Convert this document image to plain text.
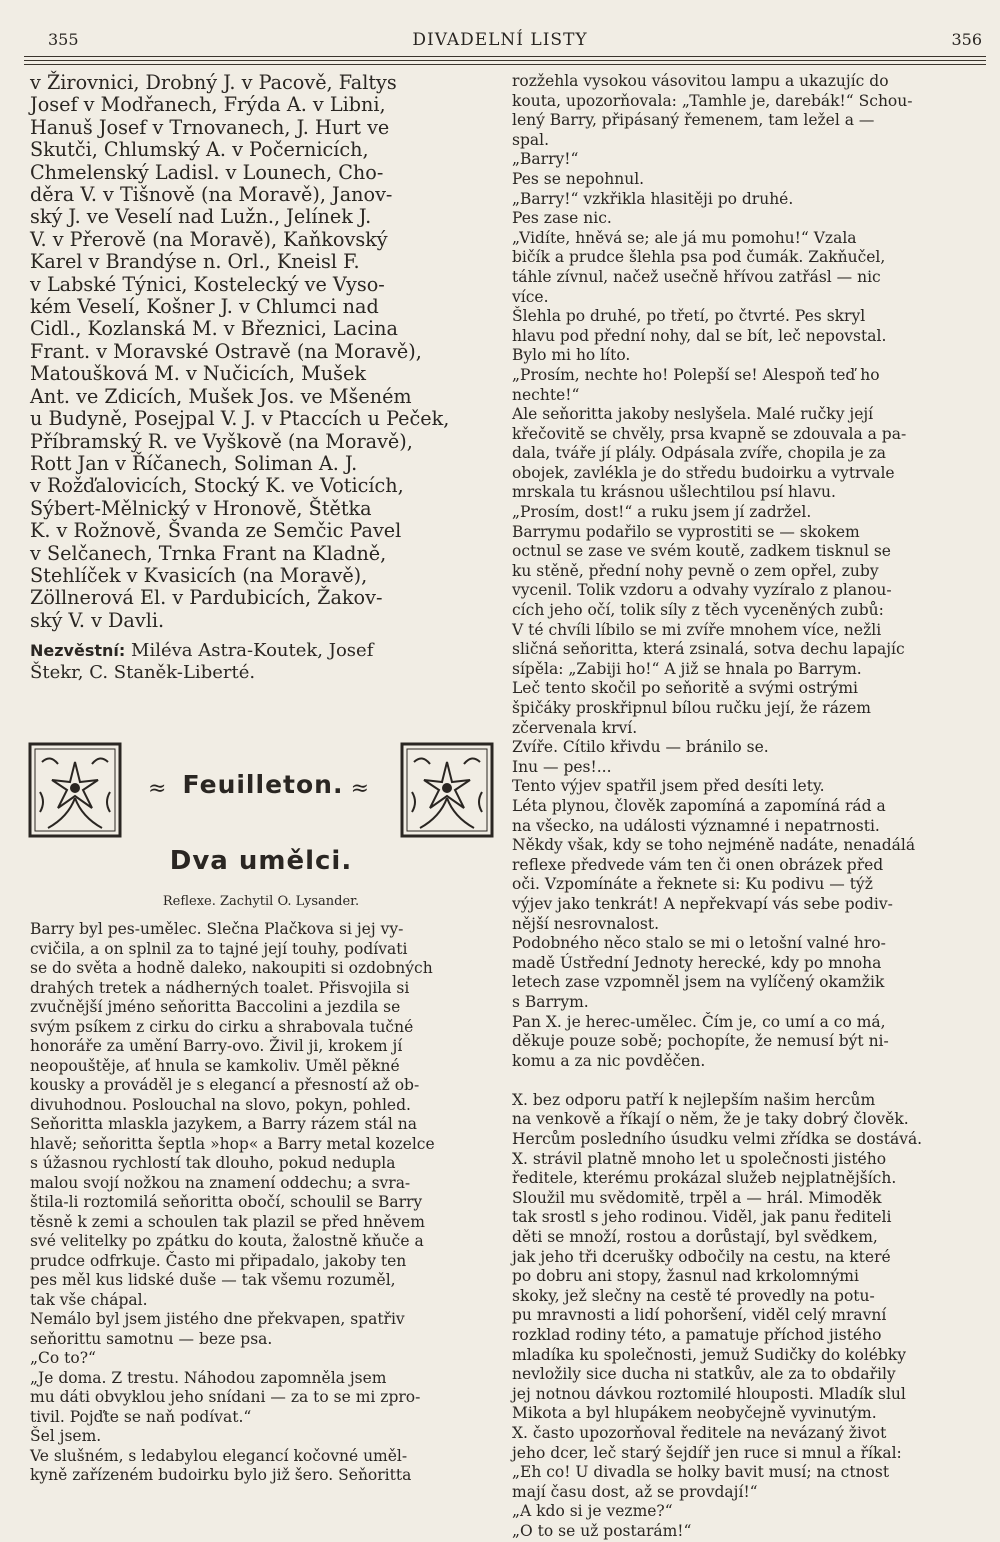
355	DIVADELNÍ LISTY	356
v Žirovnici, Drobný J. v Pacově, Faltys
Josef v Modřanech, Frýda A. v Libni,
Hanuš Josef v Trnovanech, J. Hurt ve
Skutči, Chlumský A. v Počernicích,
Chmelenský Ladisl. v Lounech, Cho-
děra V. v Tišnově (na Moravě), Janov-
ský J. ve Veselí nad Lužn., Jelínek J.
V. v Přerově (na Moravě), Kaňkovský
Karel v Brandýse n. Orl., Kneisl F.
v Labské Týnici, Kostelecký ve Vyso-
kém Veselí, Košner J. v Chlumci nad
Cidl., Kozlanská M. v Březnici, Lacina
Frant. v Moravské Ostravě (na Moravě),
Matoušková M. v Nučicích, Mušek
Ant. ve Zdicích, Mušek Jos. ve Mšeném
u Budyně, Posejpal V. J. v Ptaccích u Peček,
Příbramský R. ve Vyškově (na Moravě),
Rott Jan v Říčanech, Soliman A. J.
v Rožďalovicích, Stocký K. ve Voticích,
Sýbert-Mělnický v Hronově, Štětka
K. v Rožnově, Švanda ze Semčic Pavel
v Selčanech, Trnka Frant na Kladně,
Stehlíček v Kvasicích (na Moravě),
Zöllnerová El. v Pardubicích, Žakov-
ský V. v Davli.
Nezvěstní: Miléva Astra-Koutek, Josef
Štekr, C. Staněk-Liberté.
≈ Feuilleton. ≈
Dva umělci.
Reflexe. Zachytil O. Lysander.
Barry byl pes-umělec. Slečna Plačkova si jej vy-
cvičila, a on splnil za to tajné její touhy, podívati
se do světa a hodně daleko, nakoupiti si ozdobných
drahých tretek a nádherných toalet. Přisvojila si
zvučnější jméno seňoritta Baccolini a jezdila se
svým psíkem z cirku do cirku a shrabovala tučné
honoráře za umění Barry-ovo. Živil ji, krokem jí
neopouštěje, ať hnula se kamkoliv. Uměl pěkné
kousky a prováděl je s elegancí a přesností až ob-
divuhodnou. Poslouchal na slovo, pokyn, pohled.
Seňoritta mlaskla jazykem, a Barry rázem stál na
hlavě; seňoritta šeptla »hop« a Barry metal kozelce
s úžasnou rychlostí tak dlouho, pokud nedupla
malou svojí nožkou na znamení oddechu; a svra-
štila-li roztomilá seňoritta obočí, schoulil se Barry
těsně k zemi a schoulen tak plazil se před hněvem
své velitelky po zpátku do kouta, žalostně kňuče a
prudce odfrkuje. Často mi připadalo, jakoby ten
pes měl kus lidské duše — tak všemu rozuměl,
tak vše chápal.
Nemálo byl jsem jistého dne překvapen, spatřiv
seňorittu samotnu — beze psa.
„Co to?“
„Je doma. Z trestu. Náhodou zapomněla jsem
mu dáti obvyklou jeho snídani — za to se mi zpro-
tivil. Pojďte se naň podívat.“
Šel jsem.
Ve slušném, s ledabylou elegancí kočovné uměl-
kyně zařízeném budoirku bylo již šero. Seňoritta
rozžehla vysokou vásovitou lampu a ukazujíc do
kouta, upozorňovala: „Tamhle je, darebák!“ Schou-
lený Barry, připásaný řemenem, tam ležel a —
spal.
„Barry!“
Pes se nepohnul.
„Barry!“ vzkřikla hlasitěji po druhé.
Pes zase nic.
„Vidíte, hněvá se; ale já mu pomohu!“ Vzala
bičík a prudce šlehla psa pod čumák. Zakňučel,
táhle zívnul, načež usečně hřívou zatřásl — nic
více.
Šlehla po druhé, po třetí, po čtvrté. Pes skryl
hlavu pod přední nohy, dal se bít, leč nepovstal.
Bylo mi ho líto.
„Prosím, nechte ho! Polepší se! Alespoň teď ho
nechte!“
Ale seňoritta jakoby neslyšela. Malé ručky její
křečovitě se chvěly, prsa kvapně se zdouvala a pa-
dala, tváře jí plály. Odpásala zvíře, chopila je za
obojek, zavlékla je do středu budoirku a vytrvale
mrskala tu krásnou ušlechtilou psí hlavu.
„Prosím, dost!“ a ruku jsem jí zadržel.
Barrymu podařilo se vyprostiti se — skokem
octnul se zase ve svém koutě, zadkem tisknul se
ku stěně, přední nohy pevně o zem opřel, zuby
vycenil. Tolik vzdoru a odvahy vyzíralo z planou-
cích jeho očí, tolik síly z těch vyceněných zubů:
V té chvíli líbilo se mi zvíře mnohem více, nežli
sličná seňoritta, která zsinalá, sotva dechu lapajíc
sípěla: „Zabiji ho!“ A již se hnala po Barrym.
Leč tento skočil po seňoritě a svými ostrými
špičáky proskřipnul bílou ručku její, že rázem
zčervenala krví.
Zvíře. Cítilo křivdu — bránilo se.
Inu — pes!...
Tento výjev spatřil jsem před desíti lety.
Léta plynou, člověk zapomíná a zapomíná rád a
na všecko, na události významné i nepatrnosti.
Někdy však, kdy se toho nejméně nadáte, nenadálá
reflexe předvede vám ten či onen obrázek před
oči. Vzpomínáte a řeknete si: Ku podivu — týž
výjev jako tenkrát! A nepřekvapí vás sebe podiv-
nější nesrovnalost.
Podobného něco stalo se mi o letošní valné hro-
madě Ústřední Jednoty herecké, kdy po mnoha
letech zase vzpomněl jsem na vylíčený okamžik
s Barrym.
Pan X. je herec-umělec. Čím je, co umí a co má,
děkuje pouze sobě; pochopíte, že nemusí být ni-
komu a za nic povděčen.

X. bez odporu patří k nejlepším našim hercům
na venkově a říkají o něm, že je taky dobrý člověk.
Hercům posledního úsudku velmi zřídka se dostává.
X. strávil platně mnoho let u společnosti jistého
ředitele, kterému prokázal služeb nejplatnějších.
Sloužil mu svědomitě, trpěl a — hrál. Mimoděk
tak srostl s jeho rodinou. Viděl, jak panu řediteli
děti se množí, rostou a dorůstají, byl svědkem,
jak jeho tři dcerušky odbočily na cestu, na které
po dobru ani stopy, žasnul nad krkolomnými
skoky, jež slečny na cestě té provedly na potu-
pu mravnosti a lidí pohoršení, viděl celý mravní
rozklad rodiny této, a pamatuje příchod jistého
mladíka ku společnosti, jemuž Sudičky do kolébky
nevložily sice ducha ni statkův, ale za to obdařily
jej notnou dávkou roztomilé hlouposti. Mladík slul
Mikota a byl hlupákem neobyčejně vyvinutým.
X. často upozorňoval ředitele na nevázaný život
jeho dcer, leč starý šejdíř jen ruce si mnul a říkal:
„Eh co! U divadla se holky bavit musí; na ctnost
mají času dost, až se provdají!“
„A kdo si je vezme?“
„O to se už postarám!“
